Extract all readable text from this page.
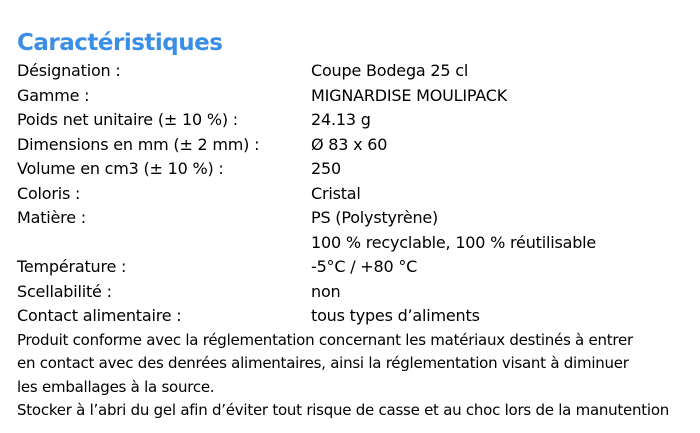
Caractéristiques
Désignation :	Coupe Bodega 25 cl
Gamme :	MIGNARDISE MOULIPACK
Poids net unitaire (± 10 %) :	24.13 g
Dimensions en mm (± 2 mm) :	Ø 83 x 60
Volume en cm3 (± 10 %) :	250
Coloris :	Cristal
Matière :	PS (Polystyrène)
100 % recyclable, 100 % réutilisable
Température :	-5°C / +80 °C
Scellabilité :	non
Contact alimentaire :	tous types d’aliments
Produit conforme avec la réglementation concernant les matériaux destinés à entrer
en contact avec des denrées alimentaires, ainsi la réglementation visant à diminuer
les emballages à la source.
Stocker à l’abri du gel afin d’éviter tout risque de casse et au choc lors de la manutention
